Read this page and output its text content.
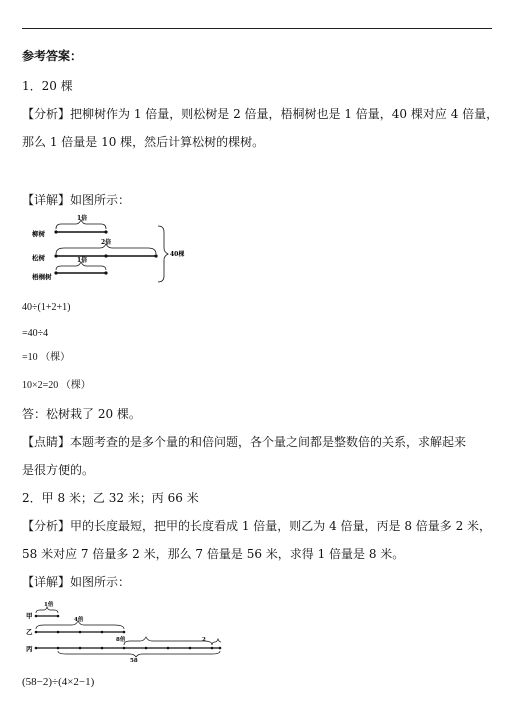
参考答案：
1．20 棵
【分析】把柳树作为 1 倍量，则松树是 2 倍量，梧桐树也是 1 倍量，40 棵对应 4 倍量，
那么 1 倍量是 10 棵，然后计算松树的棵树。
【详解】如图所示：
柳树
松树
梧桐树
1倍
2倍
1倍
40棵
40÷(1+2+1)
=40÷4
=10 （棵）
10×2=20 （棵）
答：松树栽了 20 棵。
【点睛】本题考查的是多个量的和倍问题，各个量之间都是整数倍的关系，求解起来
是很方便的。
2．甲 8 米；乙 32 米；丙 66 米
【分析】甲的长度最短，把甲的长度看成 1 倍量，则乙为 4 倍量，丙是 8 倍量多 2 米，
58 米对应 7 倍量多 2 米，那么 7 倍量是 56 米，求得 1 倍量是 8 米。
【详解】如图所示：
甲
乙
丙
1倍
4倍
8倍	2
58
(58−2)÷(4×2−1)
